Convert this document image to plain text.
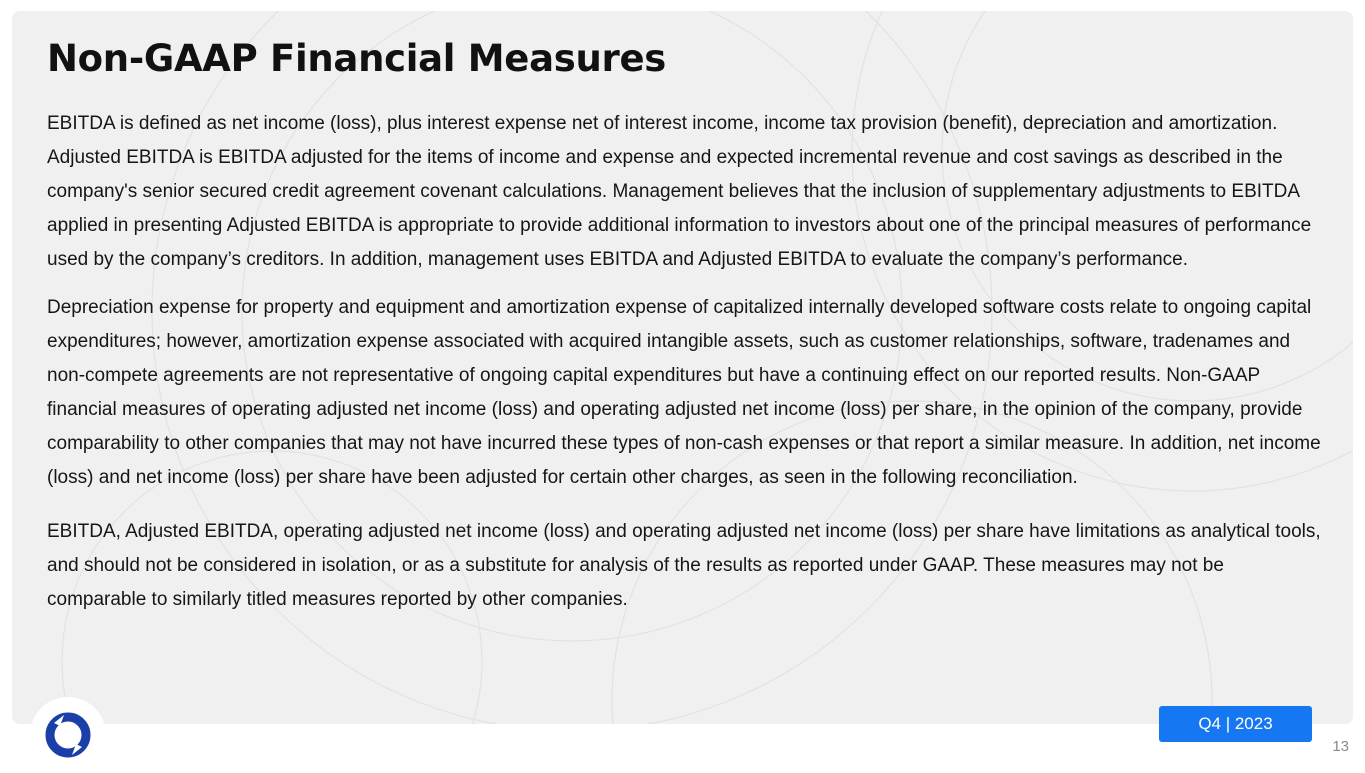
Non-GAAP Financial Measures

EBITDA is defined as net income (loss), plus interest expense net of interest income, income tax provision (benefit), depreciation and amortization. Adjusted EBITDA is EBITDA adjusted for the items of income and expense and expected incremental revenue and cost savings as described in the company's senior secured credit agreement covenant calculations. Management believes that the inclusion of supplementary adjustments to EBITDA applied in presenting Adjusted EBITDA is appropriate to provide additional information to investors about one of the principal measures of performance used by the company’s creditors. In addition, management uses EBITDA and Adjusted EBITDA to evaluate the company’s performance.

Depreciation expense for property and equipment and amortization expense of capitalized internally developed software costs relate to ongoing capital expenditures; however, amortization expense associated with acquired intangible assets, such as customer relationships, software, tradenames and non-compete agreements are not representative of ongoing capital expenditures but have a continuing effect on our reported results. Non-GAAP financial measures of operating adjusted net income (loss) and operating adjusted net income (loss) per share, in the opinion of the company, provide comparability to other companies that may not have incurred these types of non-cash expenses or that report a similar measure. In addition, net income (loss) and net income (loss) per share have been adjusted for certain other charges, as seen in the following reconciliation.

EBITDA, Adjusted EBITDA, operating adjusted net income (loss) and operating adjusted net income (loss) per share have limitations as analytical tools, and should not be considered in isolation, or as a substitute for analysis of the results as reported under GAAP. These measures may not be comparable to similarly titled measures reported by other companies.

Q4 | 2023
13
